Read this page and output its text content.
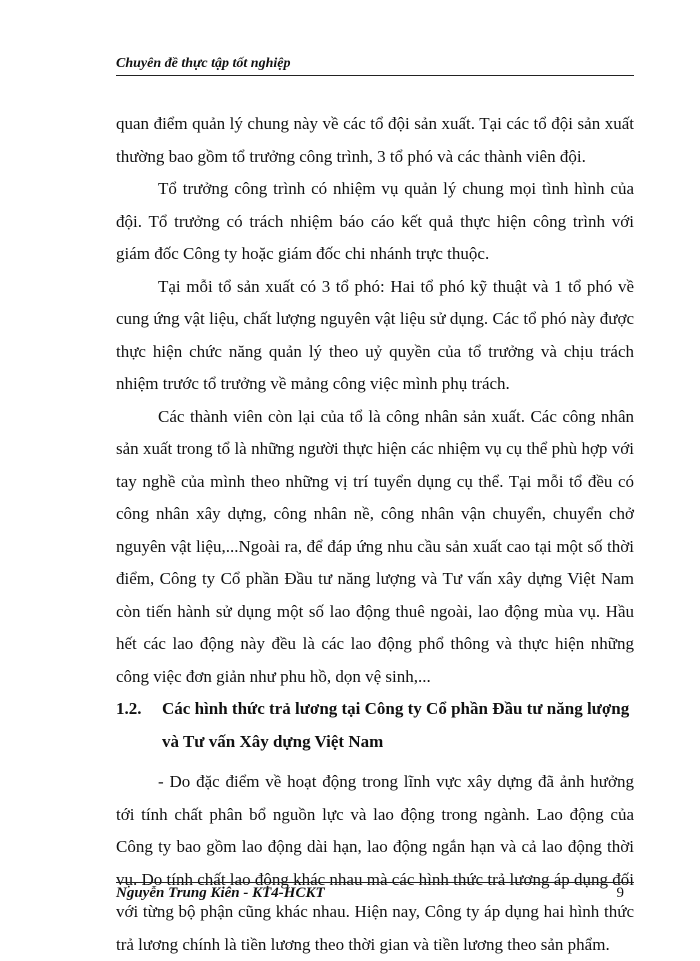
Chuyên đề thực tập tốt nghiệp

quan điểm quản lý chung này về các tổ đội sản xuất. Tại các tổ đội sản xuất thường bao gồm tổ trưởng công trình, 3 tổ phó và các thành viên đội.

Tổ trưởng công trình có nhiệm vụ quản lý chung mọi tình hình của đội. Tổ trưởng có trách nhiệm báo cáo kết quả thực hiện công trình với giám đốc Công ty hoặc giám đốc chi nhánh trực thuộc.

Tại mỗi tổ sản xuất có 3 tổ phó: Hai tổ phó kỹ thuật và 1 tổ phó về cung ứng vật liệu, chất lượng nguyên vật liệu sử dụng. Các tổ phó này được thực hiện chức năng quản lý theo uỷ quyền của tổ trưởng và chịu trách nhiệm trước tổ trưởng về mảng công việc mình phụ trách.

Các thành viên còn lại của tổ là công nhân sản xuất. Các công nhân sản xuất trong tổ là những người thực hiện các nhiệm vụ cụ thể phù hợp với tay nghề của mình theo những vị trí tuyển dụng cụ thể. Tại mỗi tổ đều có công nhân xây dựng, công nhân nề, công nhân vận chuyển, chuyển chở nguyên vật liệu,...Ngoài ra, để đáp ứng nhu cầu sản xuất cao tại một số thời điểm, Công ty Cổ phần Đầu tư năng lượng và Tư vấn xây dựng Việt Nam còn tiến hành sử dụng một số lao động thuê ngoài, lao động mùa vụ. Hầu hết các lao động này đều là các lao động phổ thông và thực hiện những công việc đơn giản như phu hồ, dọn vệ sinh,...

1.2.	Các hình thức trả lương tại Công ty Cổ phần Đầu tư năng lượng và Tư vấn Xây dựng Việt Nam

- Do đặc điểm về hoạt động trong lĩnh vực xây dựng đã ảnh hưởng tới tính chất phân bổ nguồn lực và lao động trong ngành. Lao động của Công ty bao gồm lao động dài hạn, lao động ngắn hạn và cả lao động thời vụ. Do tính chất lao động khác nhau mà các hình thức trả lương áp dụng đối với từng bộ phận cũng khác nhau. Hiện nay, Công ty áp dụng hai hình thức trả lương chính là tiền lương theo thời gian và tiền lương theo sản phẩm.

Nguyễn Trung Kiên - KT4-HCKT	9
